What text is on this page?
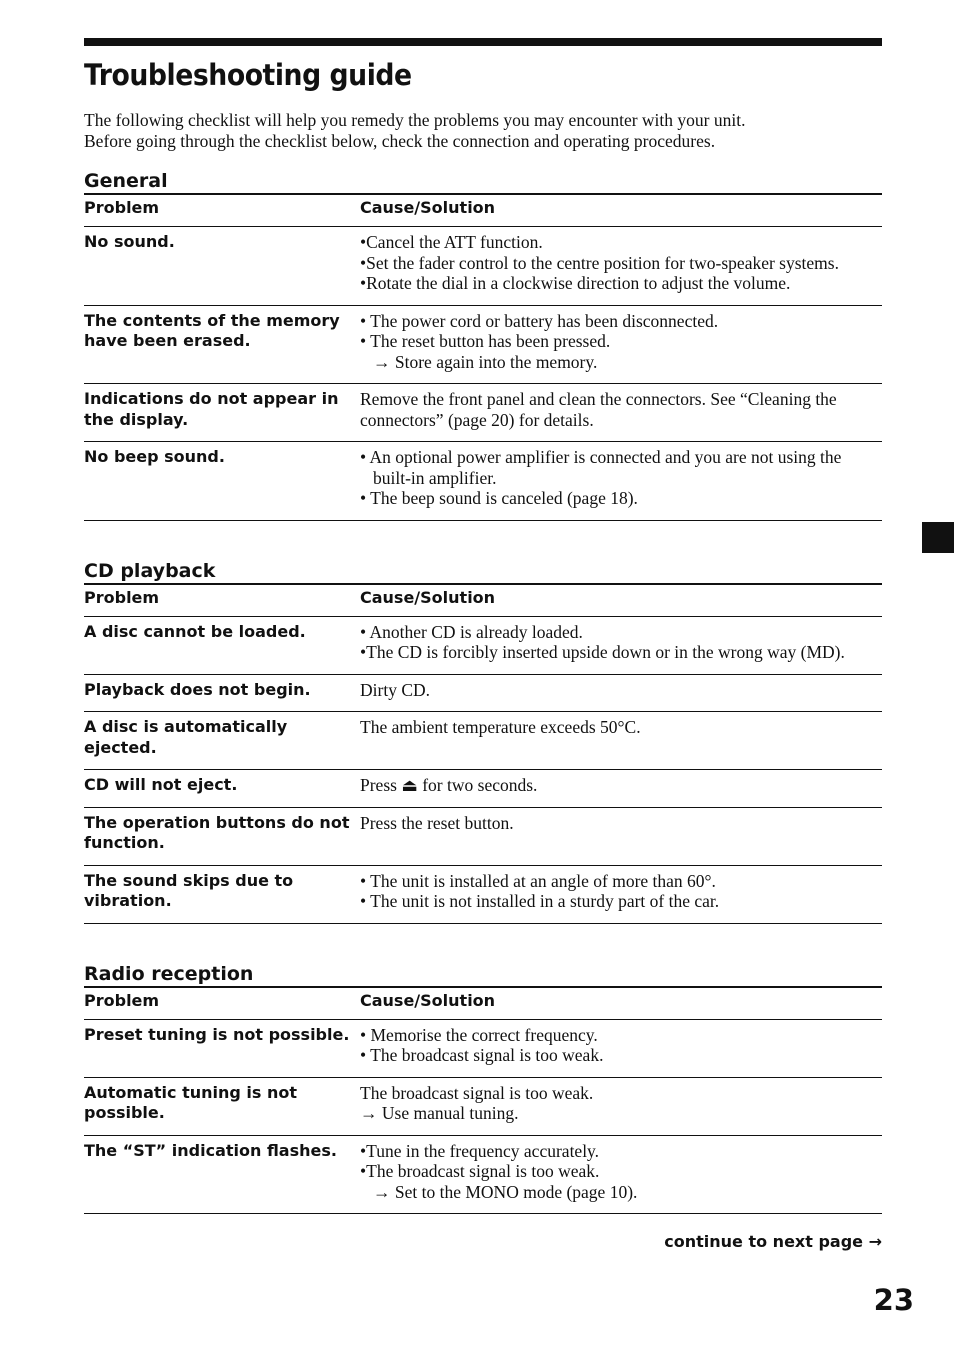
Troubleshooting guide
The following checklist will help you remedy the problems you may encounter with your unit.
Before going through the checklist below, check the connection and operating procedures.
General
Problem	Cause/Solution

No sound.	•Cancel the ATT function.
•Set the fader control to the centre position for two-speaker systems.
•Rotate the dial in a clockwise direction to adjust the volume.

The contents of the memory
have been erased.	• The power cord or battery has been disconnected.
• The reset button has been pressed.
→ Store again into the memory.

Indications do not appear in
the display.	Remove the front panel and clean the connectors. See “Cleaning the connectors” (page 20) for details.

No beep sound.	• An optional power amplifier is connected and you are not using the built-in amplifier.
• The beep sound is canceled (page 18).
CD playback
Problem	Cause/Solution

A disc cannot be loaded.	• Another CD is already loaded.
•The CD is forcibly inserted upside down or in the wrong way (MD).

Playback does not begin.	Dirty CD.

A disc is automatically ejected.	The ambient temperature exceeds 50°C.

CD will not eject.	Press ⏏ for two seconds.

The operation buttons do not
function.	Press the reset button.

The sound skips due to
vibration.	• The unit is installed at an angle of more than 60°.
• The unit is not installed in a sturdy part of the car.
Radio reception
Problem	Cause/Solution

Preset tuning is not possible.	• Memorise the correct frequency.
• The broadcast signal is too weak.

Automatic tuning is not
possible.	The broadcast signal is too weak.
→ Use manual tuning.

The “ST” indication flashes.	•Tune in the frequency accurately.
•The broadcast signal is too weak.
→ Set to the MONO mode (page 10).
continue to next page →
23
